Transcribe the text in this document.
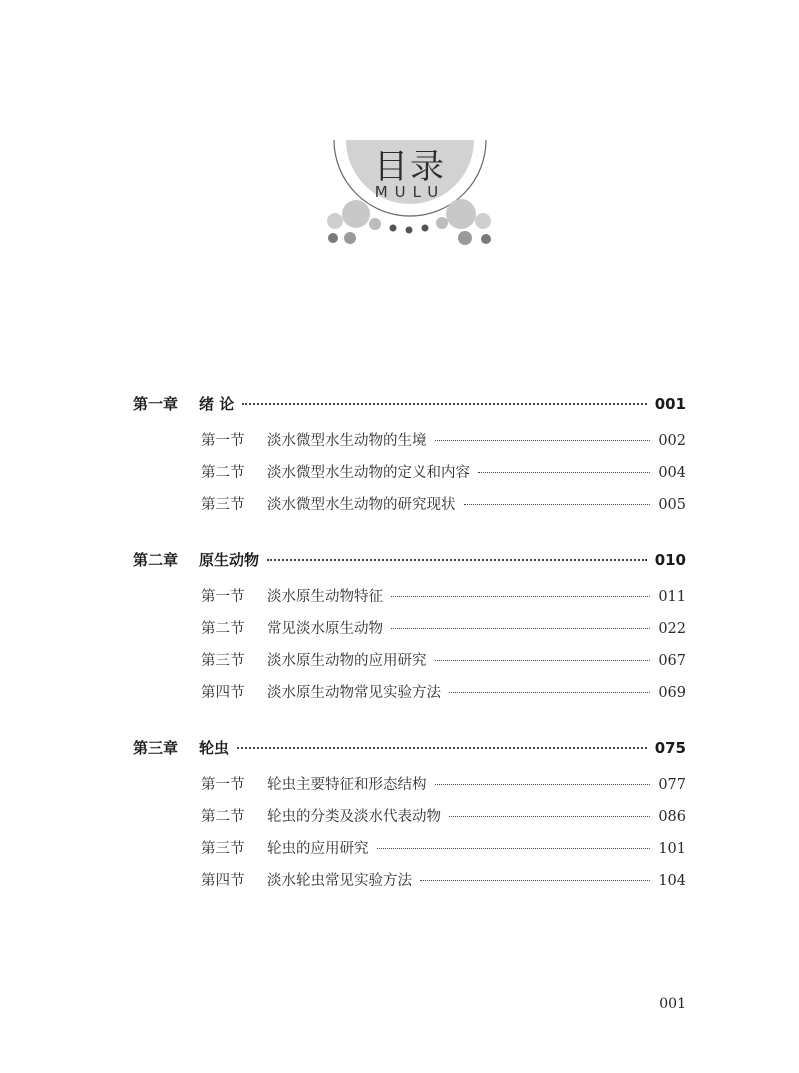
目录
MULU
第一章	绪 论	001
第一节	淡水微型水生动物的生境	002
第二节	淡水微型水生动物的定义和内容	004
第三节	淡水微型水生动物的研究现状	005
第二章	原生动物	010
第一节	淡水原生动物特征	011
第二节	常见淡水原生动物	022
第三节	淡水原生动物的应用研究	067
第四节	淡水原生动物常见实验方法	069
第三章	轮虫	075
第一节	轮虫主要特征和形态结构	077
第二节	轮虫的分类及淡水代表动物	086
第三节	轮虫的应用研究	101
第四节	淡水轮虫常见实验方法	104
001
